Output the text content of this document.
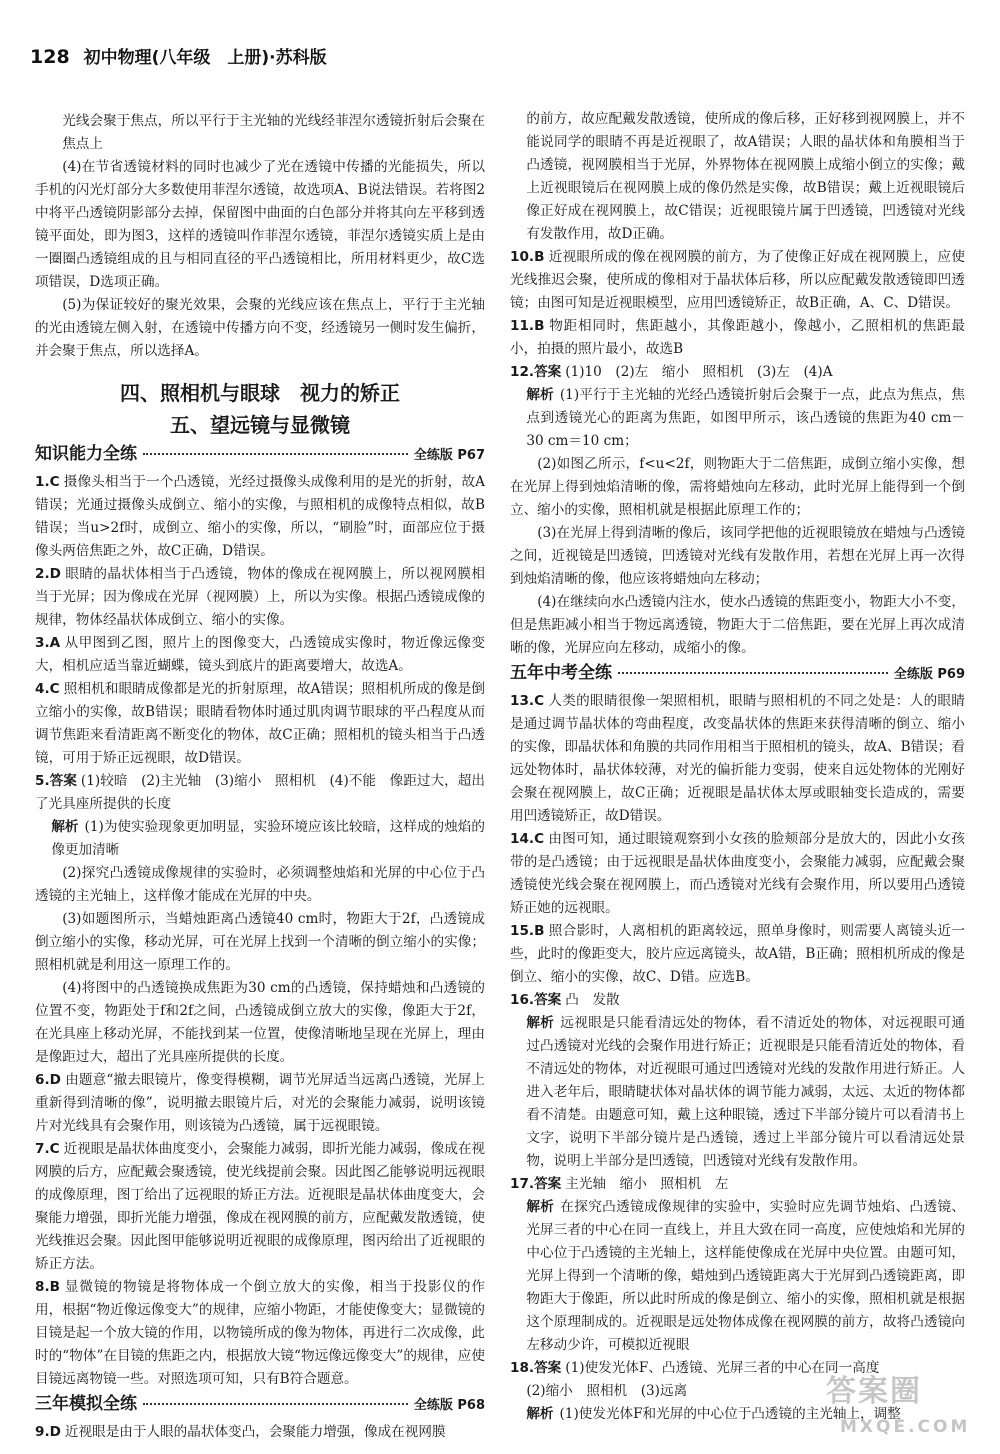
128 初中物理(八年级　上册)·苏科版

光线会聚于焦点，所以平行于主光轴的光线经菲涅尔透镜折射后会聚在焦点上

(4)在节省透镜材料的同时也减少了光在透镜中传播的光能损失，所以手机的闪光灯部分大多数使用菲涅尔透镜，故选项A、B说法错误。若将图2中将平凸透镜阴影部分去掉，保留图中曲面的白色部分并将其向左平移到透镜平面处，即为图3，这样的透镜叫作菲涅尔透镜，菲涅尔透镜实质上是由一圈圈凸透镜组成的且与相同直径的平凸透镜相比，所用材料更少，故C选项错误，D选项正确。

(5)为保证较好的聚光效果，会聚的光线应该在焦点上，平行于主光轴的光由透镜左侧入射，在透镜中传播方向不变，经透镜另一侧时发生偏折，并会聚于焦点，所以选择A。

四、照相机与眼球　视力的矫正

五、望远镜与显微镜

知识能力全练	全练版 P67

1.C 摄像头相当于一个凸透镜，光经过摄像头成像利用的是光的折射，故A错误；光通过摄像头成倒立、缩小的实像，与照相机的成像特点相似，故B错误；当u>2f时，成倒立、缩小的实像，所以，“刷脸”时，面部应位于摄像头两倍焦距之外，故C正确，D错误。

2.D 眼睛的晶状体相当于凸透镜，物体的像成在视网膜上，所以视网膜相当于光屏；因为像成在光屏（视网膜）上，所以为实像。根据凸透镜成像的规律，物体经晶状体成倒立、缩小的实像。

3.A 从甲图到乙图，照片上的图像变大，凸透镜成实像时，物近像远像变大，相机应适当靠近蝴蝶，镜头到底片的距离要增大，故选A。

4.C 照相机和眼睛成像都是光的折射原理，故A错误；照相机所成的像是倒立缩小的实像，故B错误；眼睛看物体时通过肌肉调节眼球的平凸程度从而调节焦距来看清距离不断变化的物体，故C正确；照相机的镜头相当于凸透镜，可用于矫正远视眼，故D错误。

5.答案 (1)较暗　(2)主光轴　(3)缩小　照相机　(4)不能　像距过大，超出了光具座所提供的长度

解析 (1)为使实验现象更加明显，实验环境应该比较暗，这样成的烛焰的像更加清晰

(2)探究凸透镜成像规律的实验时，必须调整烛焰和光屏的中心位于凸透镜的主光轴上，这样像才能成在光屏的中央。

(3)如题图所示，当蜡烛距离凸透镜40 cm时，物距大于2f，凸透镜成倒立缩小的实像，移动光屏，可在光屏上找到一个清晰的倒立缩小的实像；照相机就是利用这一原理工作的。

(4)将图中的凸透镜换成焦距为30 cm的凸透镜，保持蜡烛和凸透镜的位置不变，物距处于f和2f之间，凸透镜成倒立放大的实像，像距大于2f，在光具座上移动光屏，不能找到某一位置，使像清晰地呈现在光屏上，理由是像距过大，超出了光具座所提供的长度。

6.D 由题意“撤去眼镜片，像变得模糊，调节光屏适当远离凸透镜，光屏上重新得到清晰的像”，说明撤去眼镜片后，对光的会聚能力减弱，说明该镜片对光线具有会聚作用，则该镜为凸透镜，属于远视眼镜。

7.C 近视眼是晶状体曲度变小，会聚能力减弱，即折光能力减弱，像成在视网膜的后方，应配戴会聚透镜，使光线提前会聚。因此图乙能够说明远视眼的成像原理，图丁给出了远视眼的矫正方法。近视眼是晶状体曲度变大，会聚能力增强，即折光能力增强，像成在视网膜的前方，应配戴发散透镜，使光线推迟会聚。因此图甲能够说明近视眼的成像原理，图丙给出了近视眼的矫正方法。

8.B 显微镜的物镜是将物体成一个倒立放大的实像，相当于投影仪的作用，根据“物近像远像变大”的规律，应缩小物距，才能使像变大；显微镜的目镜是起一个放大镜的作用，以物镜所成的像为物体，再进行二次成像，此时的“物体”在目镜的焦距之内，根据放大镜“物远像远像变大”的规律，应使目镜远离物镜一些。对照选项可知，只有B符合题意。

三年模拟全练	全练版 P68

9.D 近视眼是由于人眼的晶状体变凸，会聚能力增强，像成在视网膜

的前方，故应配戴发散透镜，使所成的像后移，正好移到视网膜上，并不能说同学的眼睛不再是近视眼了，故A错误；人眼的晶状体和角膜相当于凸透镜，视网膜相当于光屏，外界物体在视网膜上成缩小倒立的实像；戴上近视眼镜后在视网膜上成的像仍然是实像，故B错误；戴上近视眼镜后像正好成在视网膜上，故C错误；近视眼镜片属于凹透镜，凹透镜对光线有发散作用，故D正确。

10.B 近视眼所成的像在视网膜的前方，为了使像正好成在视网膜上，应使光线推迟会聚，使所成的像相对于晶状体后移，所以应配戴发散透镜即凹透镜；由图可知是近视眼模型，应用凹透镜矫正，故B正确，A、C、D错误。

11.B 物距相同时，焦距越小，其像距越小，像越小，乙照相机的焦距最小，拍摄的照片最小，故选B

12.答案 (1)10　(2)左　缩小　照相机　(3)左　(4)A

解析 (1)平行于主光轴的光经凸透镜折射后会聚于一点，此点为焦点，焦点到透镜光心的距离为焦距，如图甲所示，该凸透镜的焦距为40 cm－30 cm＝10 cm；

(2)如图乙所示，f<u<2f，则物距大于二倍焦距，成倒立缩小实像，想在光屏上得到烛焰清晰的像，需将蜡烛向左移动，此时光屏上能得到一个倒立、缩小的实像，照相机就是根据此原理工作的；

(3)在光屏上得到清晰的像后，该同学把他的近视眼镜放在蜡烛与凸透镜之间，近视镜是凹透镜，凹透镜对光线有发散作用，若想在光屏上再一次得到烛焰清晰的像，他应该将蜡烛向左移动；

(4)在继续向水凸透镜内注水，使水凸透镜的焦距变小，物距大小不变，但是焦距减小相当于物远离透镜，物距大于二倍焦距，要在光屏上再次成清晰的像，光屏应向左移动，成缩小的像。

五年中考全练	全练版 P69

13.C 人类的眼睛很像一架照相机，眼睛与照相机的不同之处是：人的眼睛是通过调节晶状体的弯曲程度，改变晶状体的焦距来获得清晰的倒立、缩小的实像，即晶状体和角膜的共同作用相当于照相机的镜头，故A、B错误；看远处物体时，晶状体较薄，对光的偏折能力变弱，使来自远处物体的光刚好会聚在视网膜上，故C正确；近视眼是晶状体太厚或眼轴变长造成的，需要用凹透镜矫正，故D错误。

14.C 由图可知，通过眼镜观察到小女孩的脸颊部分是放大的，因此小女孩带的是凸透镜；由于远视眼是晶状体曲度变小，会聚能力减弱，应配戴会聚透镜使光线会聚在视网膜上，而凸透镜对光线有会聚作用，所以要用凸透镜矫正她的远视眼。

15.B 照合影时，人离相机的距离较远，照单身像时，则需要人离镜头近一些，此时的像距变大，胶片应远离镜头，故A错，B正确；照相机所成的像是倒立、缩小的实像，故C、D错。应选B。

16.答案 凸　发散

解析 远视眼是只能看清远处的物体，看不清近处的物体，对远视眼可通过凸透镜对光线的会聚作用进行矫正；近视眼是只能看清近处的物体，看不清远处的物体，对近视眼可通过凹透镜对光线的发散作用进行矫正。人进入老年后，眼睛睫状体对晶状体的调节能力减弱，太远、太近的物体都看不清楚。由题意可知，戴上这种眼镜，透过下半部分镜片可以看清书上文字，说明下半部分镜片是凸透镜，透过上半部分镜片可以看清远处景物，说明上半部分是凹透镜，凹透镜对光线有发散作用。

17.答案 主光轴　缩小　照相机　左

解析 在探究凸透镜成像规律的实验中，实验时应先调节烛焰、凸透镜、光屏三者的中心在同一直线上，并且大致在同一高度，应使烛焰和光屏的中心位于凸透镜的主光轴上，这样能使像成在光屏中央位置。由题可知，光屏上得到一个清晰的像，蜡烛到凸透镜距离大于光屏到凸透镜距离，即物距大于像距，所以此时所成的像是倒立、缩小的实像，照相机就是根据这个原理制成的。近视眼是远处物体成像在视网膜的前方，故将凸透镜向左移动少许，可模拟近视眼

18.答案 (1)使发光体F、凸透镜、光屏三者的中心在同一高度

(2)缩小　照相机　(3)远离

解析 (1)使发光体F和光屏的中心位于凸透镜的主光轴上，调整

答案圈
MXQE.COM
